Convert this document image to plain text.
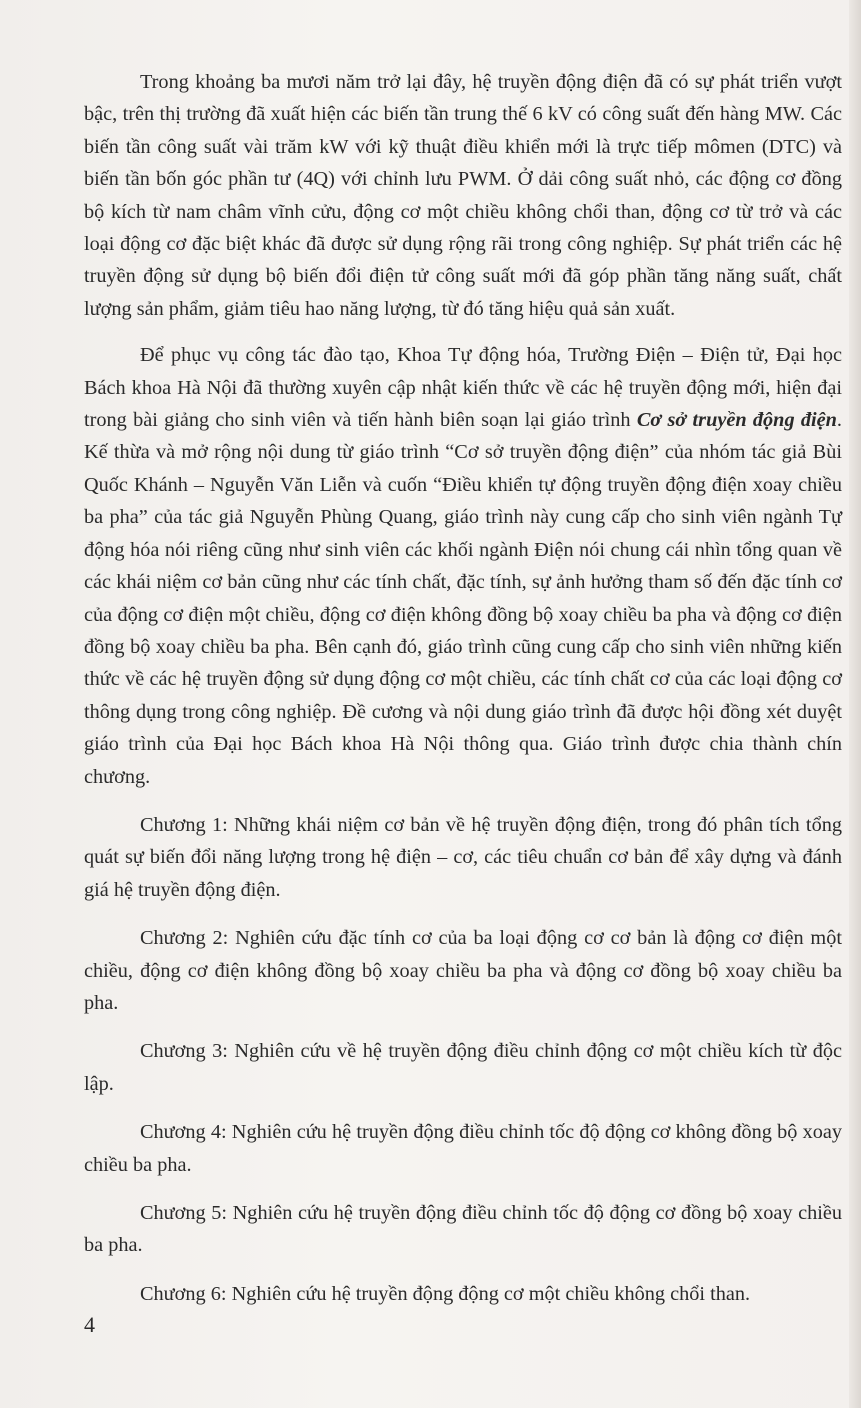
Trong khoảng ba mươi năm trở lại đây, hệ truyền động điện đã có sự phát triển vượt bậc, trên thị trường đã xuất hiện các biến tần trung thế 6 kV có công suất đến hàng MW. Các biến tần công suất vài trăm kW với kỹ thuật điều khiển mới là trực tiếp mômen (DTC) và biến tần bốn góc phần tư (4Q) với chỉnh lưu PWM. Ở dải công suất nhỏ, các động cơ đồng bộ kích từ nam châm vĩnh cửu, động cơ một chiều không chổi than, động cơ từ trở và các loại động cơ đặc biệt khác đã được sử dụng rộng rãi trong công nghiệp. Sự phát triển các hệ truyền động sử dụng bộ biến đổi điện tử công suất mới đã góp phần tăng năng suất, chất lượng sản phẩm, giảm tiêu hao năng lượng, từ đó tăng hiệu quả sản xuất.

Để phục vụ công tác đào tạo, Khoa Tự động hóa, Trường Điện – Điện tử, Đại học Bách khoa Hà Nội đã thường xuyên cập nhật kiến thức về các hệ truyền động mới, hiện đại trong bài giảng cho sinh viên và tiến hành biên soạn lại giáo trình Cơ sở truyền động điện. Kế thừa và mở rộng nội dung từ giáo trình “Cơ sở truyền động điện” của nhóm tác giả Bùi Quốc Khánh – Nguyễn Văn Liễn và cuốn “Điều khiển tự động truyền động điện xoay chiều ba pha” của tác giả Nguyễn Phùng Quang, giáo trình này cung cấp cho sinh viên ngành Tự động hóa nói riêng cũng như sinh viên các khối ngành Điện nói chung cái nhìn tổng quan về các khái niệm cơ bản cũng như các tính chất, đặc tính, sự ảnh hưởng tham số đến đặc tính cơ của động cơ điện một chiều, động cơ điện không đồng bộ xoay chiều ba pha và động cơ điện đồng bộ xoay chiều ba pha. Bên cạnh đó, giáo trình cũng cung cấp cho sinh viên những kiến thức về các hệ truyền động sử dụng động cơ một chiều, các tính chất cơ của các loại động cơ thông dụng trong công nghiệp. Đề cương và nội dung giáo trình đã được hội đồng xét duyệt giáo trình của Đại học Bách khoa Hà Nội thông qua. Giáo trình được chia thành chín chương.

Chương 1: Những khái niệm cơ bản về hệ truyền động điện, trong đó phân tích tổng quát sự biến đổi năng lượng trong hệ điện – cơ, các tiêu chuẩn cơ bản để xây dựng và đánh giá hệ truyền động điện.

Chương 2: Nghiên cứu đặc tính cơ của ba loại động cơ cơ bản là động cơ điện một chiều, động cơ điện không đồng bộ xoay chiều ba pha và động cơ đồng bộ xoay chiều ba pha.

Chương 3: Nghiên cứu về hệ truyền động điều chỉnh động cơ một chiều kích từ độc lập.

Chương 4: Nghiên cứu hệ truyền động điều chỉnh tốc độ động cơ không đồng bộ xoay chiều ba pha.

Chương 5: Nghiên cứu hệ truyền động điều chỉnh tốc độ động cơ đồng bộ xoay chiều ba pha.

Chương 6: Nghiên cứu hệ truyền động động cơ một chiều không chổi than.

4
